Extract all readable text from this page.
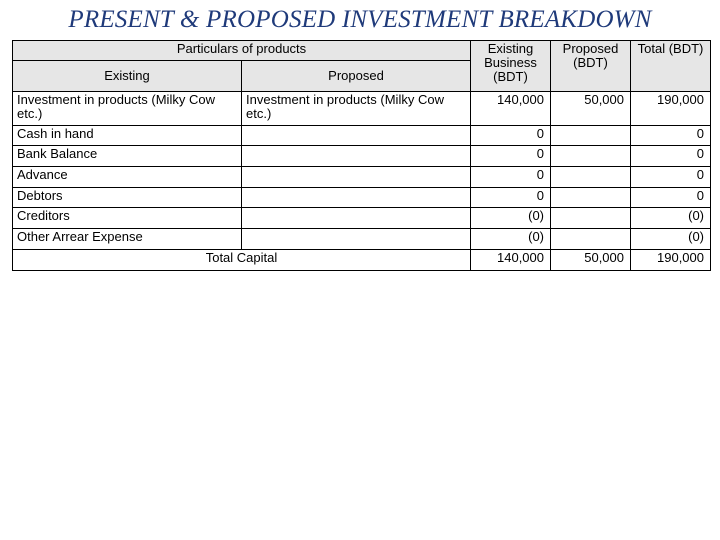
PRESENT & PROPOSED INVESTMENT BREAKDOWN
Particulars of products		Existing Business (BDT)	Proposed (BDT)	Total (BDT)
Existing	Proposed			
Investment in products (Milky Cow etc.)	Investment in products (Milky Cow etc.)	140,000	50,000	190,000
Cash in hand		0		0
Bank Balance		0		0
Advance		0		0
Debtors		0		0
Creditors		(0)		(0)
Other Arrear Expense		(0)		(0)
Total Capital		140,000	50,000	190,000
